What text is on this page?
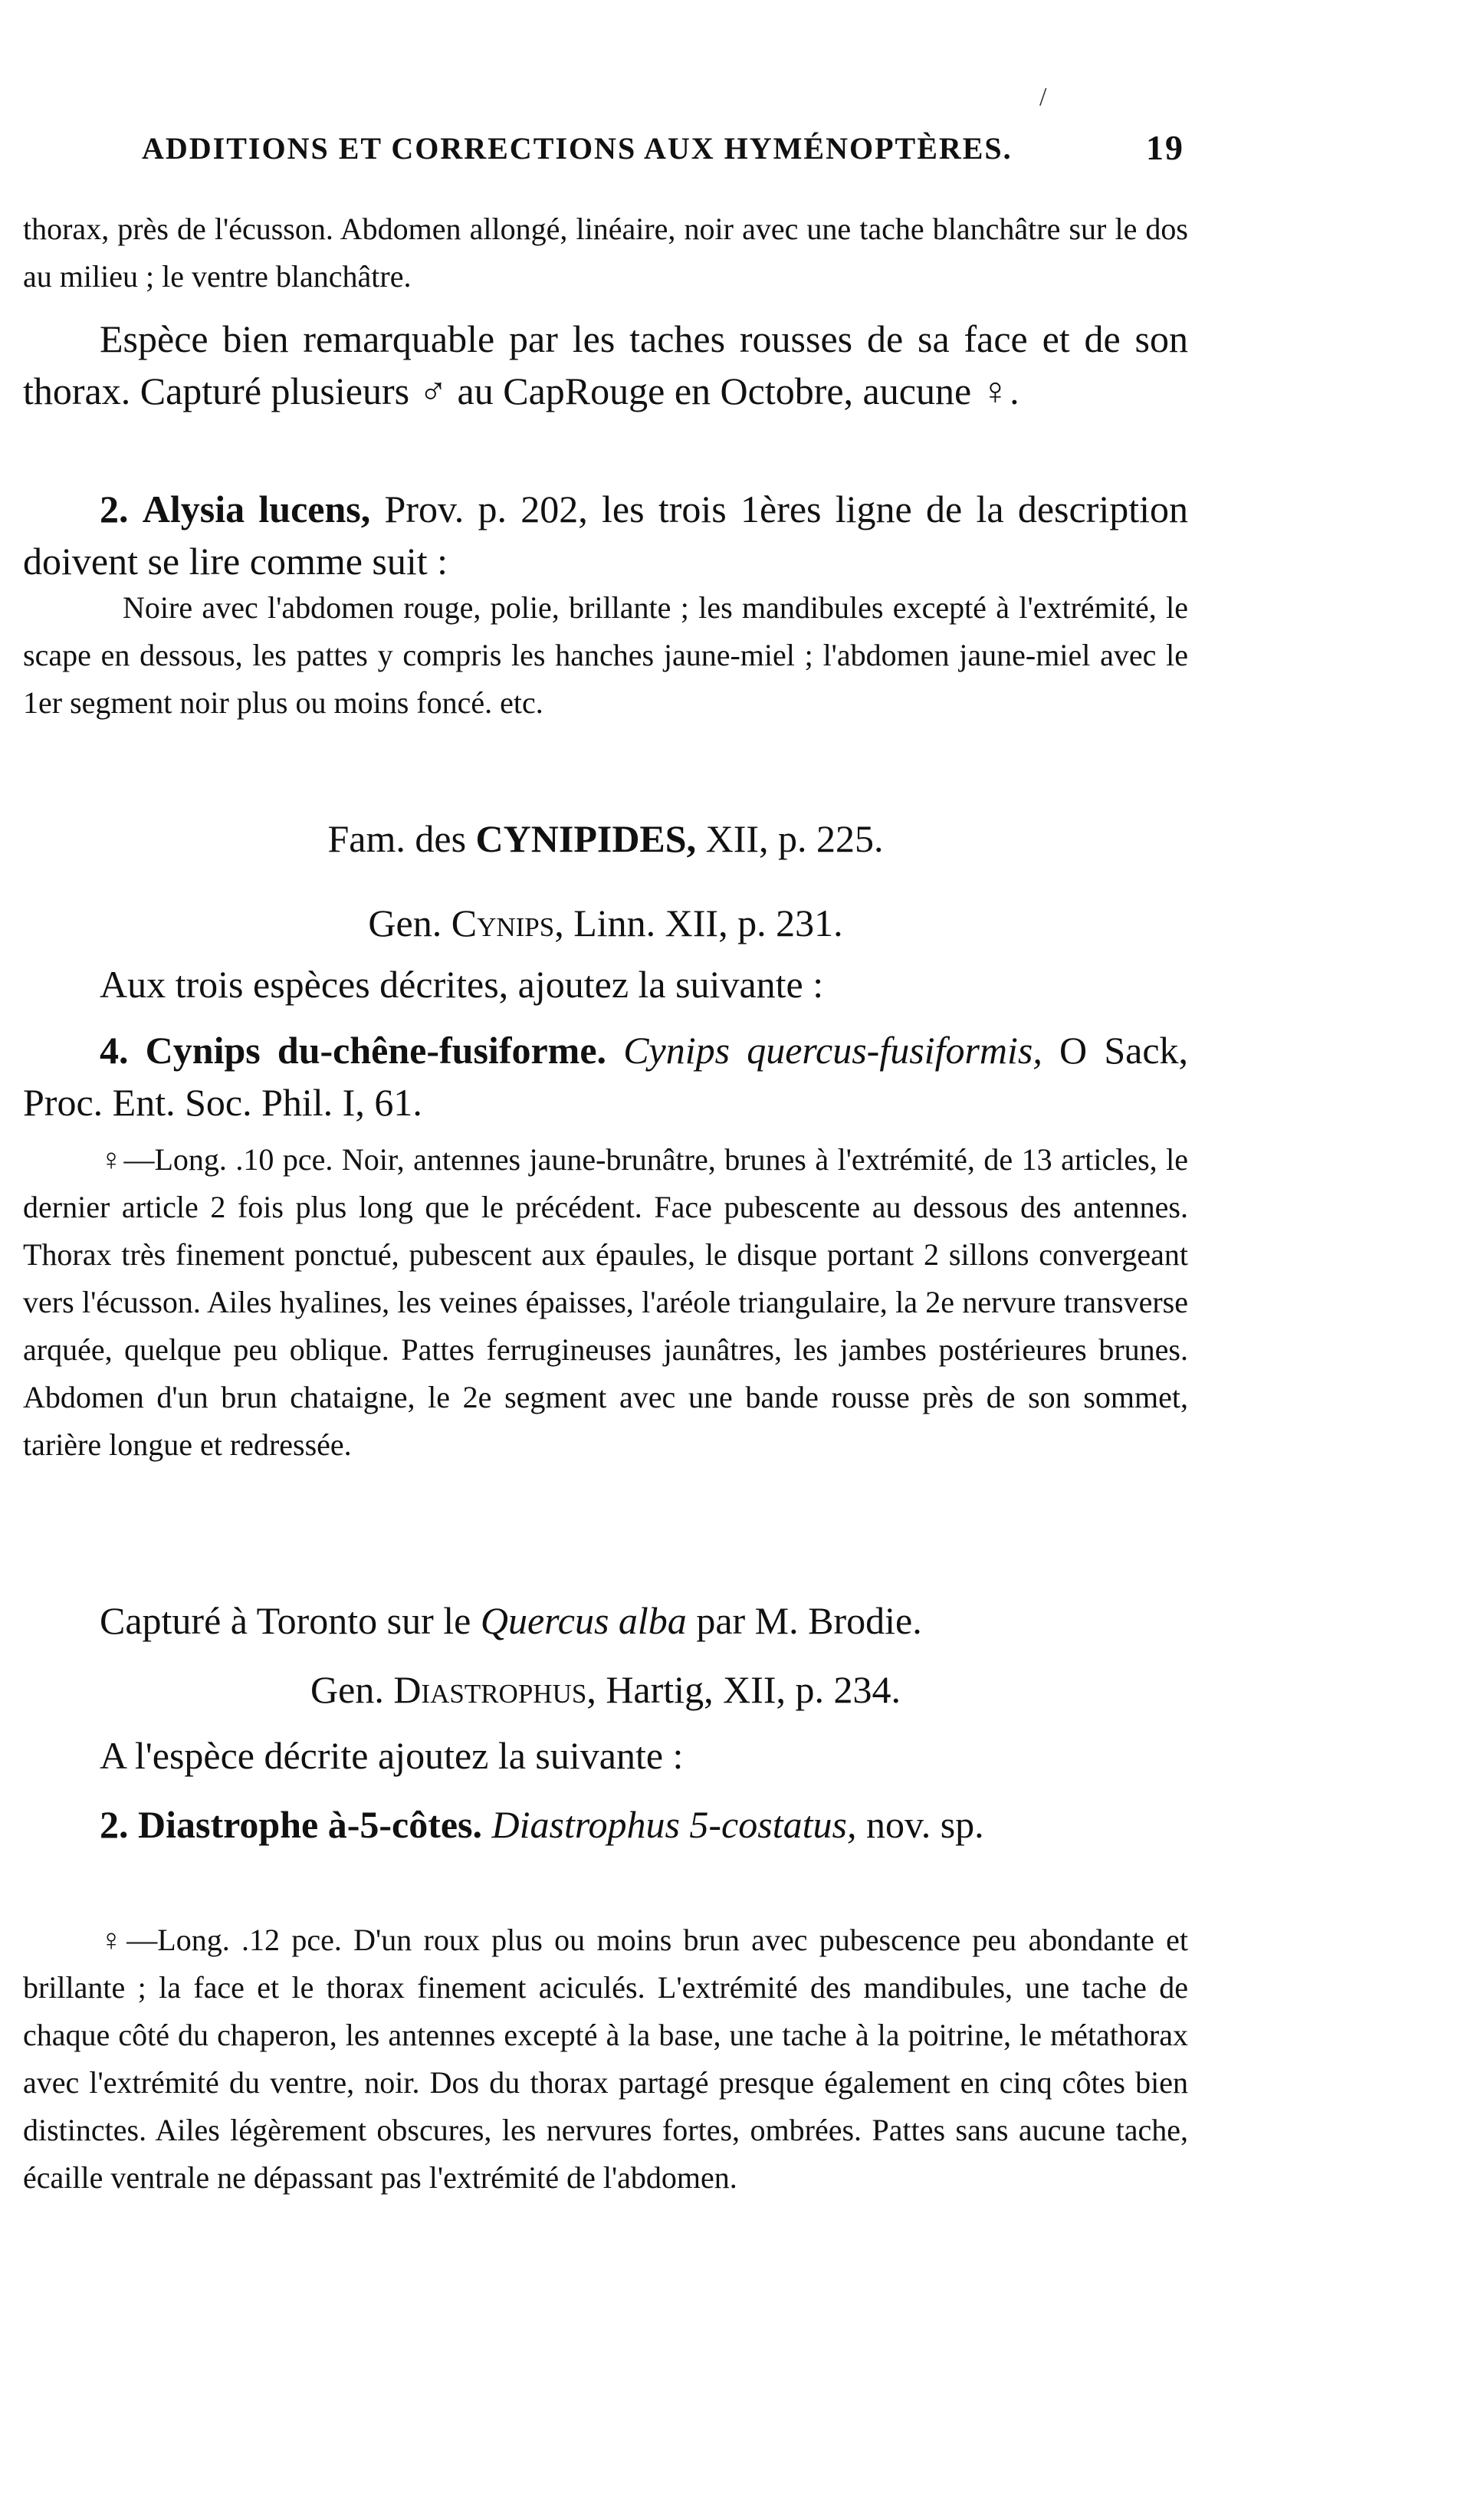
/
ADDITIONS ET CORRECTIONS AUX HYMÉNOPTÈRES.	19

thorax, près de l'écusson. Abdomen allongé, linéaire, noir avec une tache blanchâtre sur le dos au milieu ; le ventre blanchâtre.

Espèce bien remarquable par les taches rousses de sa face et de son thorax. Capturé plusieurs ♂ au CapRouge en Octobre, aucune ♀.

2. Alysia lucens, Prov. p. 202, les trois 1ères ligne de la description doivent se lire comme suit :

Noire avec l'abdomen rouge, polie, brillante ; les mandibules excepté à l'extrémité, le scape en dessous, les pattes y compris les hanches jaune-miel ; l'abdomen jaune-miel avec le 1er segment noir plus ou moins foncé. etc.

Fam. des CYNIPIDES, XII, p. 225.

Gen. Cynips, Linn. XII, p. 231.

Aux trois espèces décrites, ajoutez la suivante :

4. Cynips du-chêne-fusiforme. Cynips quercus-fusiformis, O Sack, Proc. Ent. Soc. Phil. I, 61.

♀—Long. .10 pce. Noir, antennes jaune-brunâtre, brunes à l'extrémité, de 13 articles, le dernier article 2 fois plus long que le précédent. Face pubescente au dessous des antennes. Thorax très finement ponctué, pubescent aux épaules, le disque portant 2 sillons convergeant vers l'écusson. Ailes hyalines, les veines épaisses, l'aréole triangulaire, la 2e nervure transverse arquée, quelque peu oblique. Pattes ferrugineuses jaunâtres, les jambes postérieures brunes. Abdomen d'un brun chataigne, le 2e segment avec une bande rousse près de son sommet, tarière longue et redressée.

Capturé à Toronto sur le Quercus alba par M. Brodie.

Gen. Diastrophus, Hartig, XII, p. 234.

A l'espèce décrite ajoutez la suivante :

2. Diastrophe à-5-côtes. Diastrophus 5-costatus, nov. sp.

♀—Long. .12 pce. D'un roux plus ou moins brun avec pubescence peu abondante et brillante ; la face et le thorax finement aciculés. L'extrémité des mandibules, une tache de chaque côté du chaperon, les antennes excepté à la base, une tache à la poitrine, le métathorax avec l'extrémité du ventre, noir. Dos du thorax partagé presque également en cinq côtes bien distinctes. Ailes légèrement obscures, les nervures fortes, ombrées. Pattes sans aucune tache, écaille ventrale ne dépassant pas l'extrémité de l'abdomen.
